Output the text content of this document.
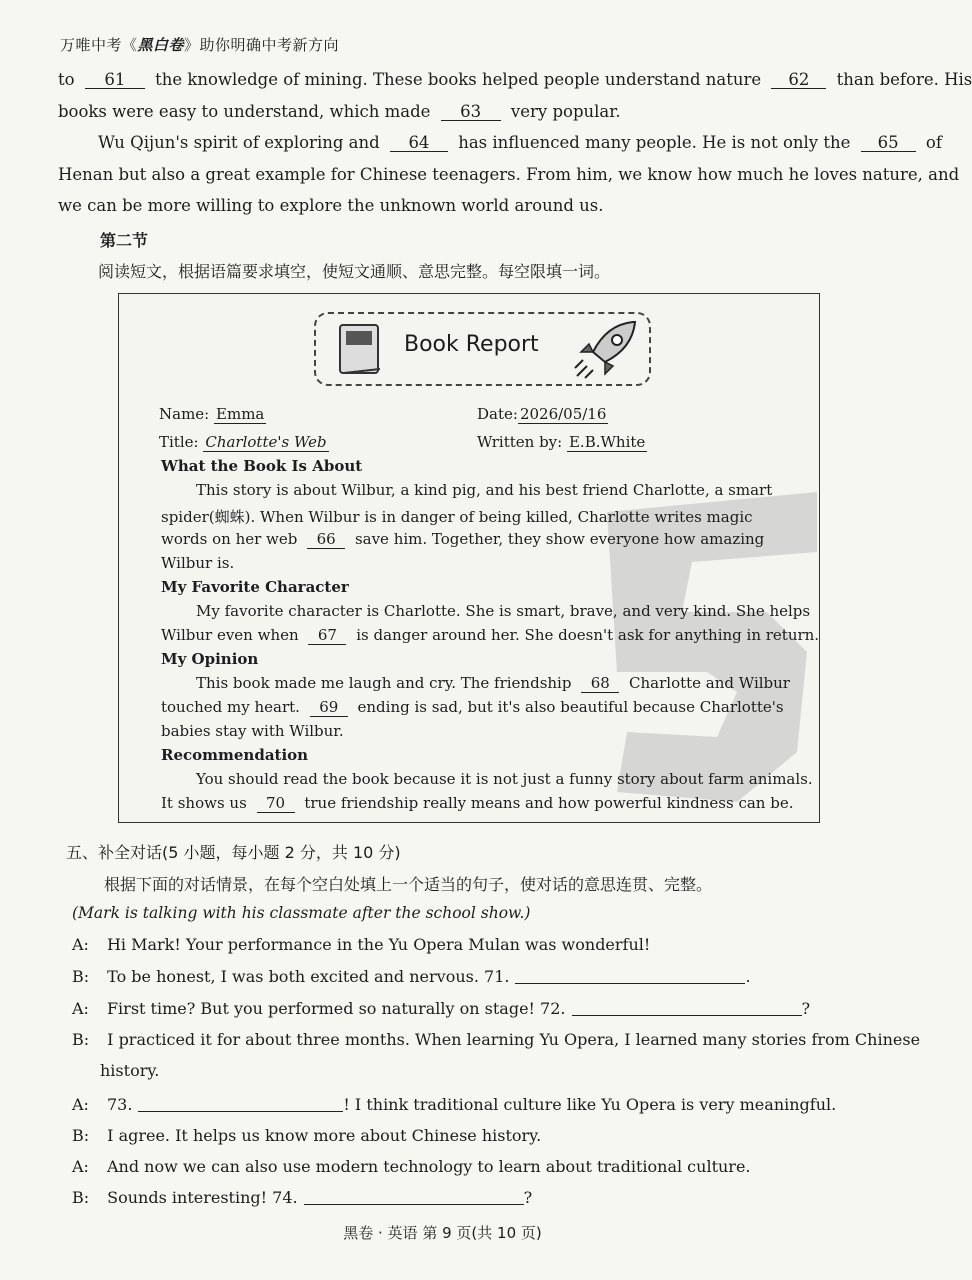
万唯中考《黑白卷》助你明确中考新方向
to 61 the knowledge of mining. These books helped people understand nature 62 than before. His
books were easy to understand, which made 63 very popular.
Wu Qijun's spirit of exploring and 64 has influenced many people. He is not only the 65 of
Henan but also a great example for Chinese teenagers. From him, we know how much he loves nature, and
we can be more willing to explore the unknown world around us.
第二节
阅读短文，根据语篇要求填空，使短文通顺、意思完整。每空限填一词。
Book Report
Name: Emma	Date: 2026/05/16
Title: Charlotte's Web	Written by: E.B.White
What the Book Is About
This story is about Wilbur, a kind pig, and his best friend Charlotte, a smart
spider(蜘蛛). When Wilbur is in danger of being killed, Charlotte writes magic
words on her web 66 save him. Together, they show everyone how amazing
Wilbur is.
My Favorite Character
My favorite character is Charlotte. She is smart, brave, and very kind. She helps
Wilbur even when 67 is danger around her. She doesn't ask for anything in return.
My Opinion
This book made me laugh and cry. The friendship 68 Charlotte and Wilbur
touched my heart. 69 ending is sad, but it's also beautiful because Charlotte's
babies stay with Wilbur.
Recommendation
You should read the book because it is not just a funny story about farm animals.
It shows us 70 true friendship really means and how powerful kindness can be.
五、补全对话(5 小题，每小题 2 分，共 10 分)
根据下面的对话情景，在每个空白处填上一个适当的句子，使对话的意思连贯、完整。
(Mark is talking with his classmate after the school show.)
A: Hi Mark! Your performance in the Yu Opera Mulan was wonderful!
B: To be honest, I was both excited and nervous. 71.	.
A: First time? But you performed so naturally on stage! 72.	?
B: I practiced it for about three months. When learning Yu Opera, I learned many stories from Chinese
history.
A: 73.	! I think traditional culture like Yu Opera is very meaningful.
B: I agree. It helps us know more about Chinese history.
A: And now we can also use modern technology to learn about traditional culture.
B: Sounds interesting! 74.	?
黑卷 · 英语 第 9 页(共 10 页)
